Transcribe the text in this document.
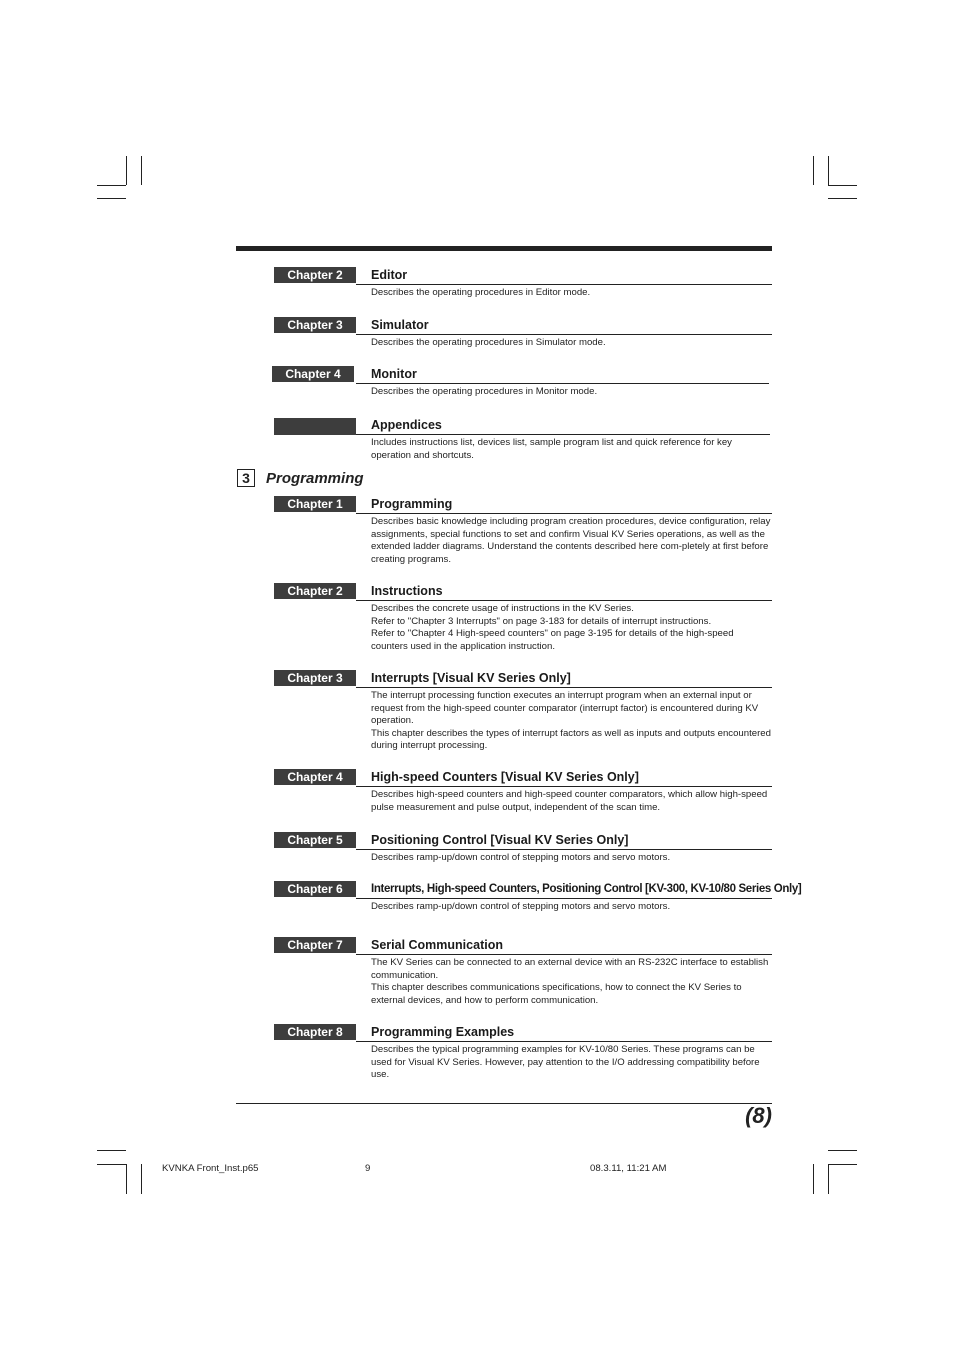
Chapter 2	Editor
Describes the operating procedures in Editor mode.
Chapter 3	Simulator
Describes the operating procedures in Simulator mode.
Chapter 4	Monitor
Describes the operating procedures in Monitor mode.
Appendices
Includes instructions list, devices list, sample program list and quick reference for key operation and shortcuts.
3	Programming
Chapter 1	Programming
Describes basic knowledge including program creation procedures, device configuration, relay assignments, special functions to set and confirm Visual KV Series operations, as well as the extended ladder diagrams. Understand the contents described here com-pletely at first before creating programs.
Chapter 2	Instructions
Describes the concrete usage of instructions in the KV Series.
Refer to "Chapter 3 Interrupts" on page 3-183 for details of interrupt instructions.
Refer to "Chapter 4 High-speed counters" on page 3-195 for details of the high-speed counters used in the application instruction.
Chapter 3	Interrupts [Visual KV Series Only]
The interrupt processing function executes an interrupt program when an external input or request from the high-speed counter comparator (interrupt factor) is encountered during KV operation.
This chapter describes the types of interrupt factors as well as inputs and outputs encountered during interrupt processing.
Chapter 4	High-speed Counters [Visual KV Series Only]
Describes high-speed counters and high-speed counter comparators, which allow high-speed pulse measurement and pulse output, independent of the scan time.
Chapter 5	Positioning Control [Visual KV Series Only]
Describes ramp-up/down control of stepping motors and servo motors.
Chapter 6	Interrupts, High-speed Counters, Positioning Control [KV-300, KV-10/80 Series Only]
Describes ramp-up/down control of stepping motors and servo motors.
Chapter 7	Serial Communication
The KV Series can be connected to an external device with an RS-232C interface to establish communication.
This chapter describes communications specifications, how to connect the KV Series to external devices, and how to perform communication.
Chapter 8	Programming Examples
Describes the typical programming examples for KV-10/80 Series. These programs can be used for Visual KV Series. However, pay attention to the I/O addressing compatibility before use.
(8)
KVNKA Front_Inst.p65	9	08.3.11, 11:21 AM
